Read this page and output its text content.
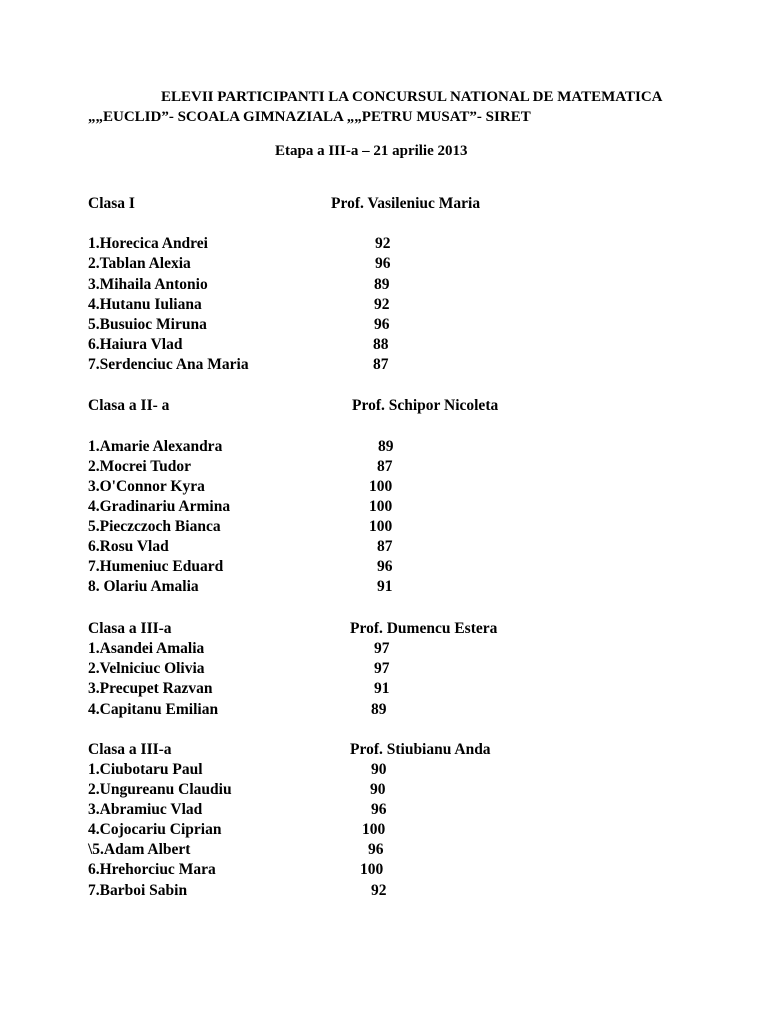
ELEVII PARTICIPANTI LA CONCURSUL NATIONAL DE MATEMATICA
„„EUCLID”- SCOALA GIMNAZIALA „„PETRU MUSAT”- SIRET
Etapa a III-a – 21 aprilie 2013
Clasa I	Prof. Vasileniuc Maria
1.Horecica Andrei	92
2.Tablan Alexia	96
3.Mihaila Antonio	89
4.Hutanu Iuliana	92
5.Busuioc Miruna	96
6.Haiura Vlad	88
7.Serdenciuc Ana Maria	87
Clasa a II- a	Prof. Schipor Nicoleta
1.Amarie Alexandra	89
2.Mocrei Tudor	87
3.O'Connor Kyra	100
4.Gradinariu Armina	100
5.Pieczczoch Bianca	100
6.Rosu Vlad	87
7.Humeniuc Eduard	96
8. Olariu Amalia	91
Clasa a III-a	Prof. Dumencu Estera
1.Asandei Amalia	97
2.Velniciuc Olivia	97
3.Precupet Razvan	91
4.Capitanu Emilian	89
Clasa a III-a	Prof. Stiubianu Anda
1.Ciubotaru Paul	90
2.Ungureanu Claudiu	90
3.Abramiuc Vlad	96
4.Cojocariu Ciprian	100
\5.Adam Albert	96
6.Hrehorciuc Mara	100
7.Barboi Sabin	92
